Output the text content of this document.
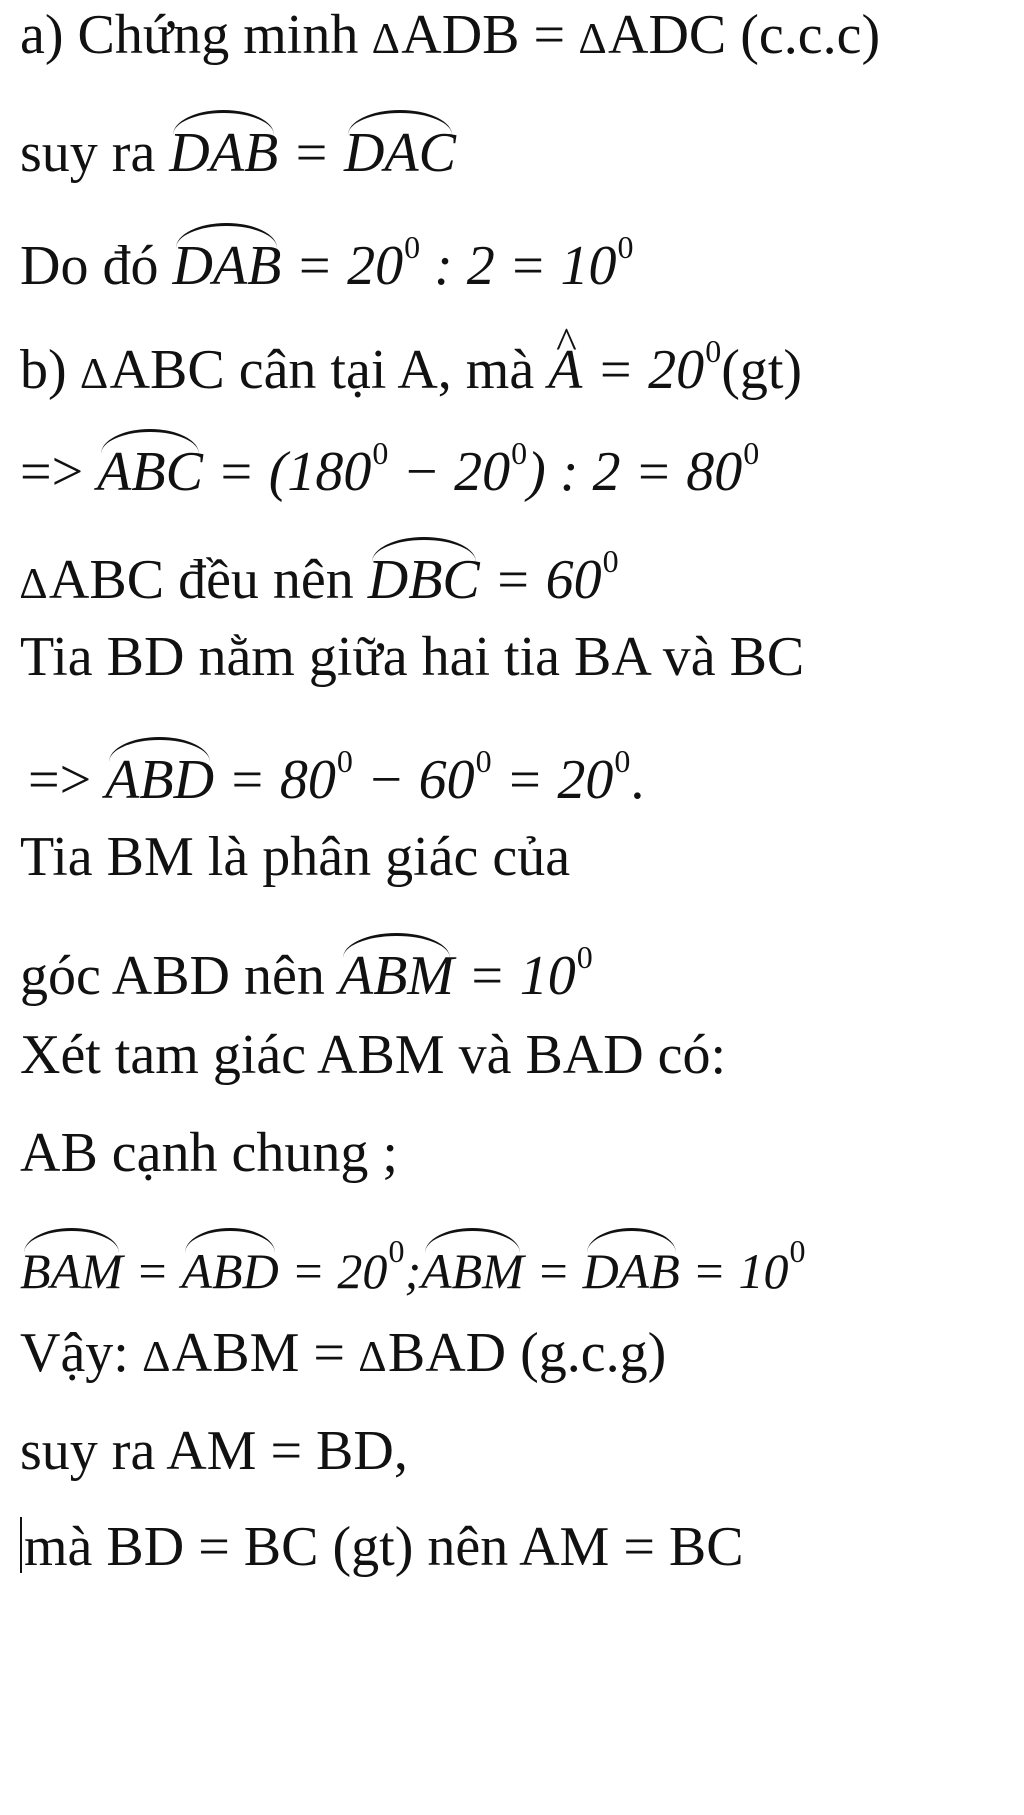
a) Chứng minh ∆ADB = ∆ADC (c.c.c)
suy ra DAB = DAC
Do đó DAB = $20^0$ : $2 = 10^0$
b) ∆ABC cân tại A, mà ^ $A = 20^0(gt)$
=> ABC = $(180^0 - 20^0)$ : $2 = 80^0$
∆ABC đều nên DBC = $60^0$
Tia BD nằm giữa hai tia BA và BC
=> ABD = $80^0 - 60^0 = 20^0$.
Tia BM là phân giác của
góc ABD nên ABM = $10^0$
Xét tam giác ABM và BAD có:
AB cạnh chung ;
BAM = ABD = $20^0;ABM$ = DAB = $10^0$
Vậy: ∆ABM = ∆BAD (g.c.g)
suy ra AM = BD,
mà BD = BC (gt) nên AM = BC
